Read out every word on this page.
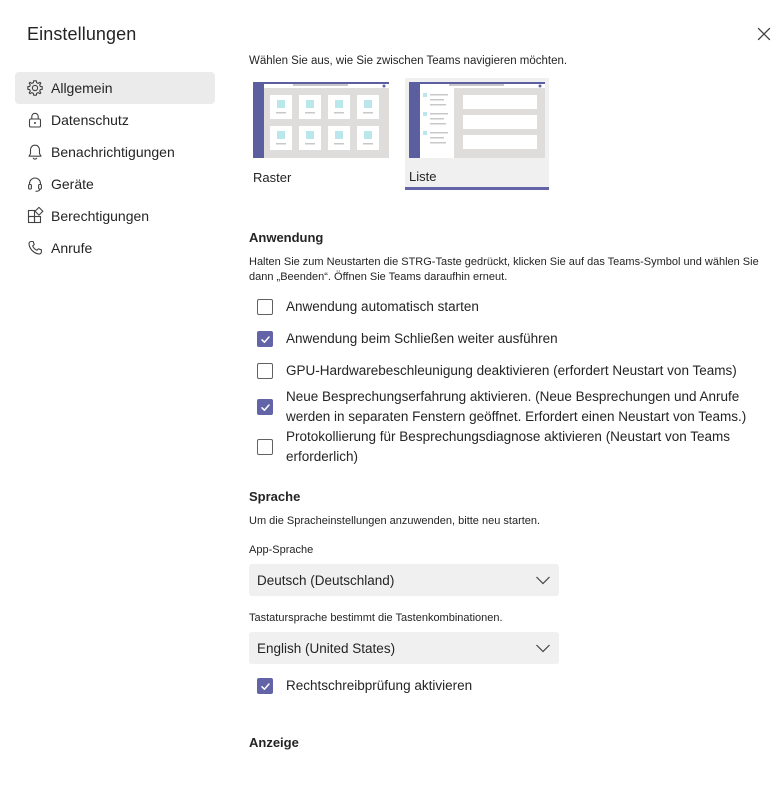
Einstellungen
Allgemein
Datenschutz
Benachrichtigungen
Geräte
Berechtigungen
Anrufe
Wählen Sie aus, wie Sie zwischen Teams navigieren möchten.
Raster	Liste
Anwendung
Halten Sie zum Neustarten die STRG-Taste gedrückt, klicken Sie auf das Teams-Symbol und wählen Sie dann „Beenden“. Öffnen Sie Teams daraufhin erneut.
Anwendung automatisch starten
Anwendung beim Schließen weiter ausführen
GPU-Hardwarebeschleunigung deaktivieren (erfordert Neustart von Teams)
Neue Besprechungserfahrung aktivieren. (Neue Besprechungen und Anrufe
werden in separaten Fenstern geöffnet. Erfordert einen Neustart von Teams.)
Protokollierung für Besprechungsdiagnose aktivieren (Neustart von Teams
erforderlich)
Sprache
Um die Spracheinstellungen anzuwenden, bitte neu starten.
App-Sprache
Deutsch (Deutschland)
Tastatursprache bestimmt die Tastenkombinationen.
English (United States)
Rechtschreibprüfung aktivieren
Anzeige
